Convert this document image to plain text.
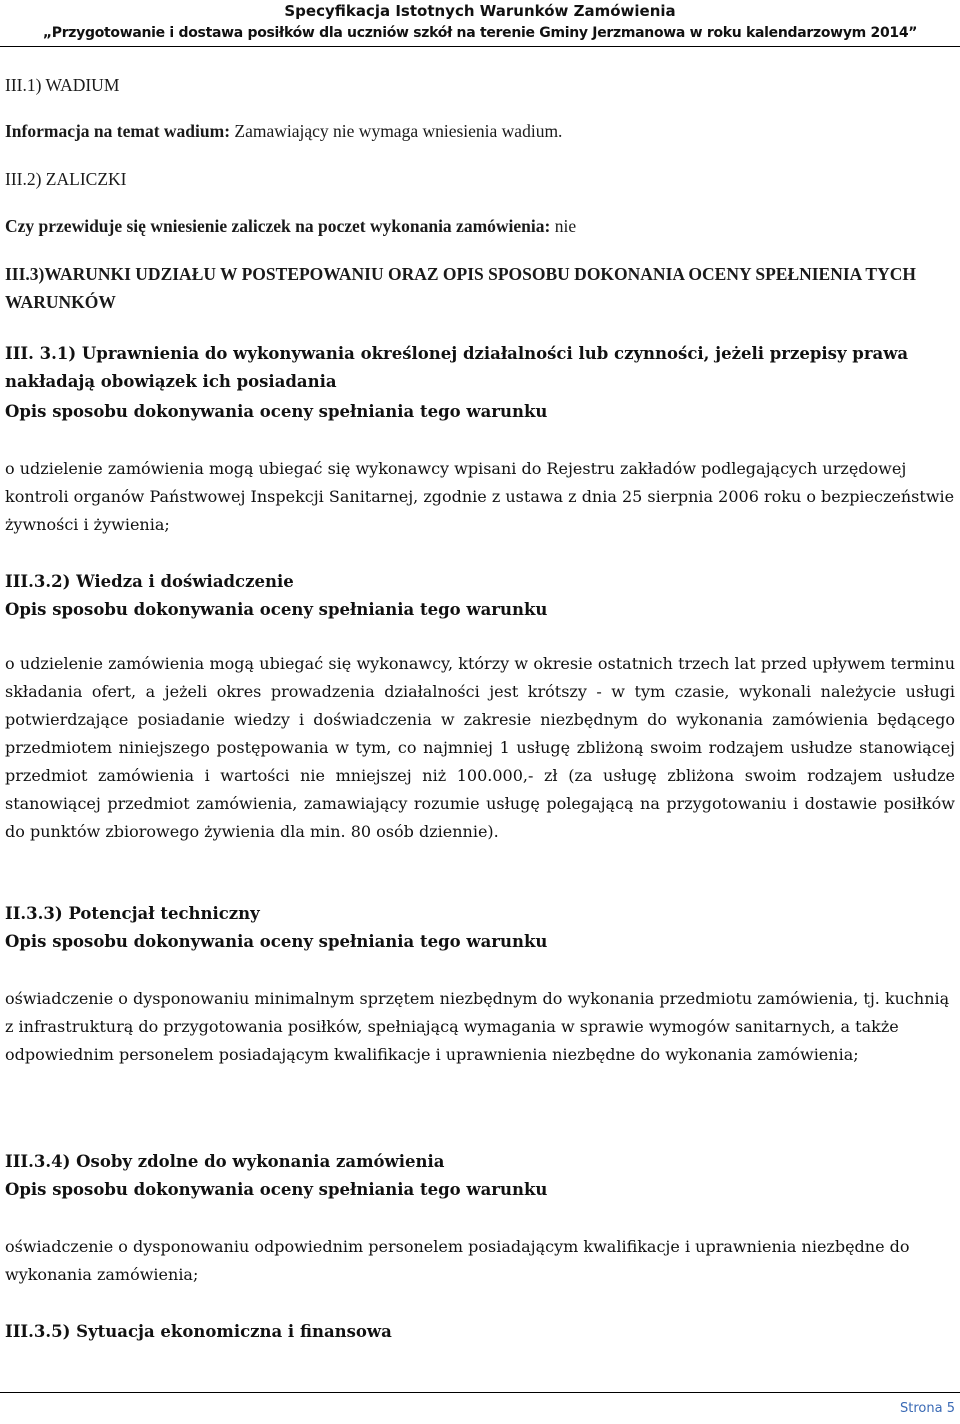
Specyfikacja Istotnych Warunków Zamówienia
„Przygotowanie i dostawa posiłków dla uczniów szkół na terenie Gminy Jerzmanowa w roku kalendarzowym 2014”
III.1) WADIUM
Informacja na temat wadium: Zamawiający nie wymaga wniesienia wadium.
III.2) ZALICZKI
Czy przewiduje się wniesienie zaliczek na poczet wykonania zamówienia: nie
III.3)WARUNKI UDZIAŁU W POSTEPOWANIU ORAZ OPIS SPOSOBU DOKONANIA OCENY SPEŁNIENIA TYCH WARUNKÓW
III. 3.1) Uprawnienia do wykonywania określonej działalności lub czynności, jeżeli przepisy prawa nakładają obowiązek ich posiadania
Opis sposobu dokonywania oceny spełniania tego warunku
o udzielenie zamówienia mogą ubiegać się wykonawcy wpisani do Rejestru zakładów podlegających urzędowej kontroli organów Państwowej Inspekcji Sanitarnej, zgodnie z ustawa z dnia 25 sierpnia 2006 roku o bezpieczeństwie żywności i żywienia;
III.3.2) Wiedza i doświadczenie
Opis sposobu dokonywania oceny spełniania tego warunku
o udzielenie zamówienia mogą ubiegać się wykonawcy, którzy w okresie ostatnich trzech lat przed upływem terminu składania ofert, a jeżeli okres prowadzenia działalności jest krótszy - w tym czasie, wykonali należycie usługi potwierdzające posiadanie wiedzy i doświadczenia w zakresie niezbędnym do wykonania zamówienia będącego przedmiotem niniejszego postępowania w tym, co najmniej 1 usługę zbliżoną swoim rodzajem usłudze stanowiącej przedmiot zamówienia i wartości nie mniejszej niż 100.000,- zł (za usługę zbliżona swoim rodzajem usłudze stanowiącej przedmiot zamówienia, zamawiający rozumie usługę polegającą na przygotowaniu i dostawie posiłków do punktów zbiorowego żywienia dla min. 80 osób dziennie).
II.3.3) Potencjał techniczny
Opis sposobu dokonywania oceny spełniania tego warunku
oświadczenie o dysponowaniu minimalnym sprzętem niezbędnym do wykonania przedmiotu zamówienia, tj. kuchnią z infrastrukturą do przygotowania posiłków, spełniającą wymagania w sprawie wymogów sanitarnych, a także odpowiednim personelem posiadającym kwalifikacje i uprawnienia niezbędne do wykonania zamówienia;
III.3.4) Osoby zdolne do wykonania zamówienia
Opis sposobu dokonywania oceny spełniania tego warunku
oświadczenie o dysponowaniu odpowiednim personelem posiadającym kwalifikacje i uprawnienia niezbędne do wykonania zamówienia;
III.3.5) Sytuacja ekonomiczna i finansowa
Strona 5
